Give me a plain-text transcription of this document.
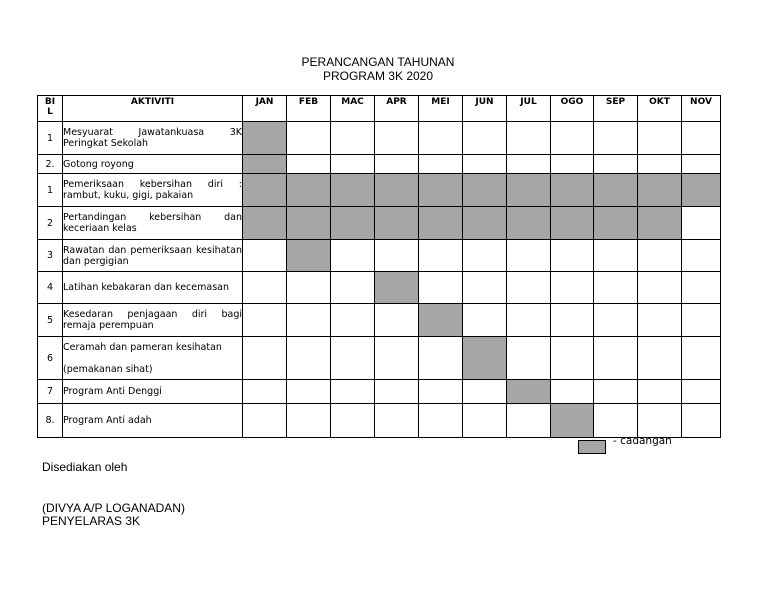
PERANCANGAN TAHUNAN
PROGRAM 3K 2020
BI
L	AKTIVITI	JAN	FEB	MAC	APR	MEI	JUN	JUL	OGO	SEP	OKT	NOV
1	Mesyuarat Jawatankuasa 3K Peringkat Sekolah											
2.	Gotong royong											
1	Pemeriksaan kebersihan diri : rambut, kuku, gigi, pakaian											
2	Pertandingan kebersihan dan keceriaan kelas											
3	Rawatan dan pemeriksaan kesihatan dan pergigian											
4	Latihan kebakaran dan kecemasan											
5	Kesedaran penjagaan diri bagi remaja perempuan											
6	Ceramah dan pameran kesihatan

(pemakanan sihat)											
7	Program Anti Denggi											
8.	Program Anti adah											
- cadangan
Disediakan oleh
(DIVYA A/P LOGANADAN)
PENYELARAS 3K
